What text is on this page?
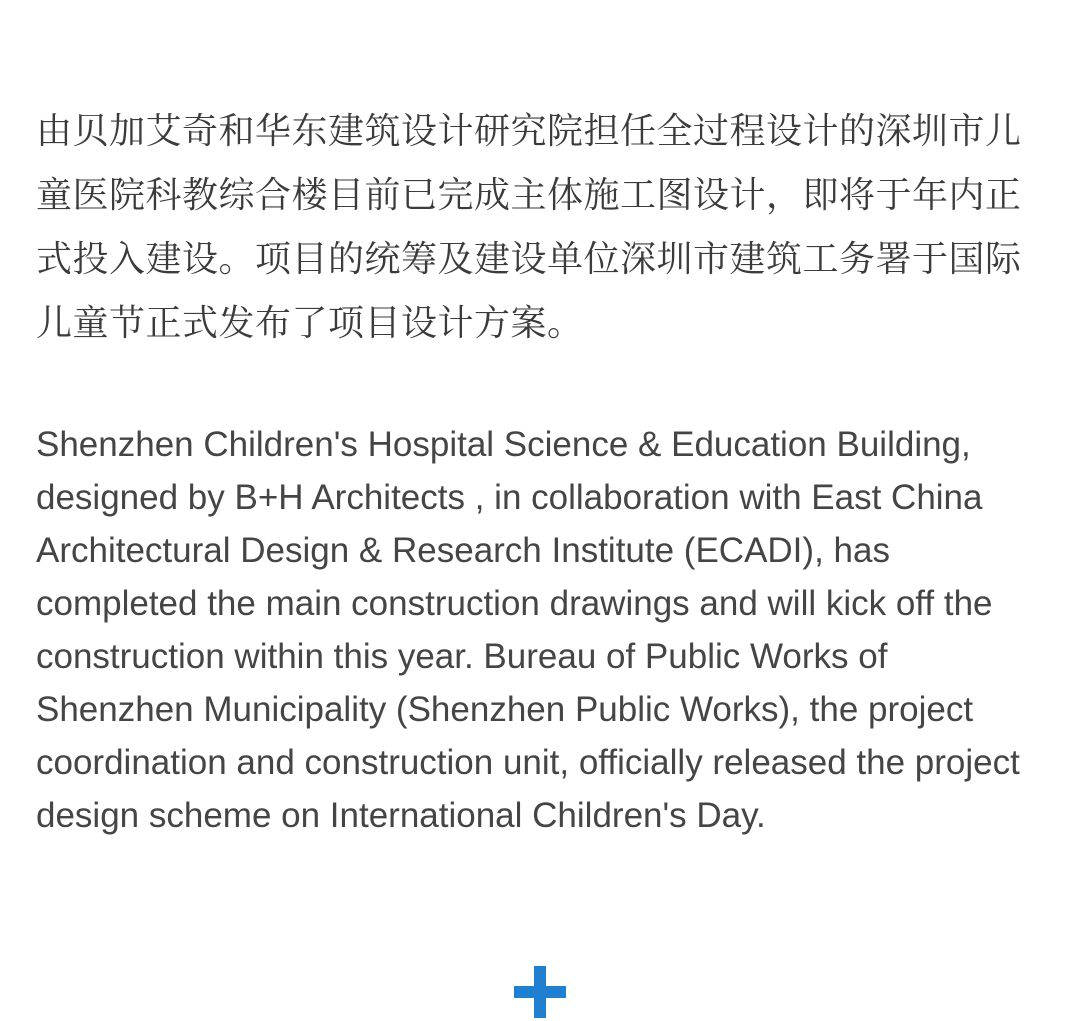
由贝加艾奇和华东建筑设计研究院担任全过程设计的深圳市儿童医院科教综合楼目前已完成主体施工图设计，即将于年内正式投入建设。项目的统筹及建设单位深圳市建筑工务署于国际儿童节正式发布了项目设计方案。

Shenzhen Children's Hospital Science & Education Building, designed by B+H Architects , in collaboration with East China Architectural Design & Research Institute (ECADI), has completed the main construction drawings and will kick off the construction within this year. Bureau of Public Works of Shenzhen Municipality (Shenzhen Public Works), the project coordination and construction unit, officially released the project design scheme on International Children's Day.
